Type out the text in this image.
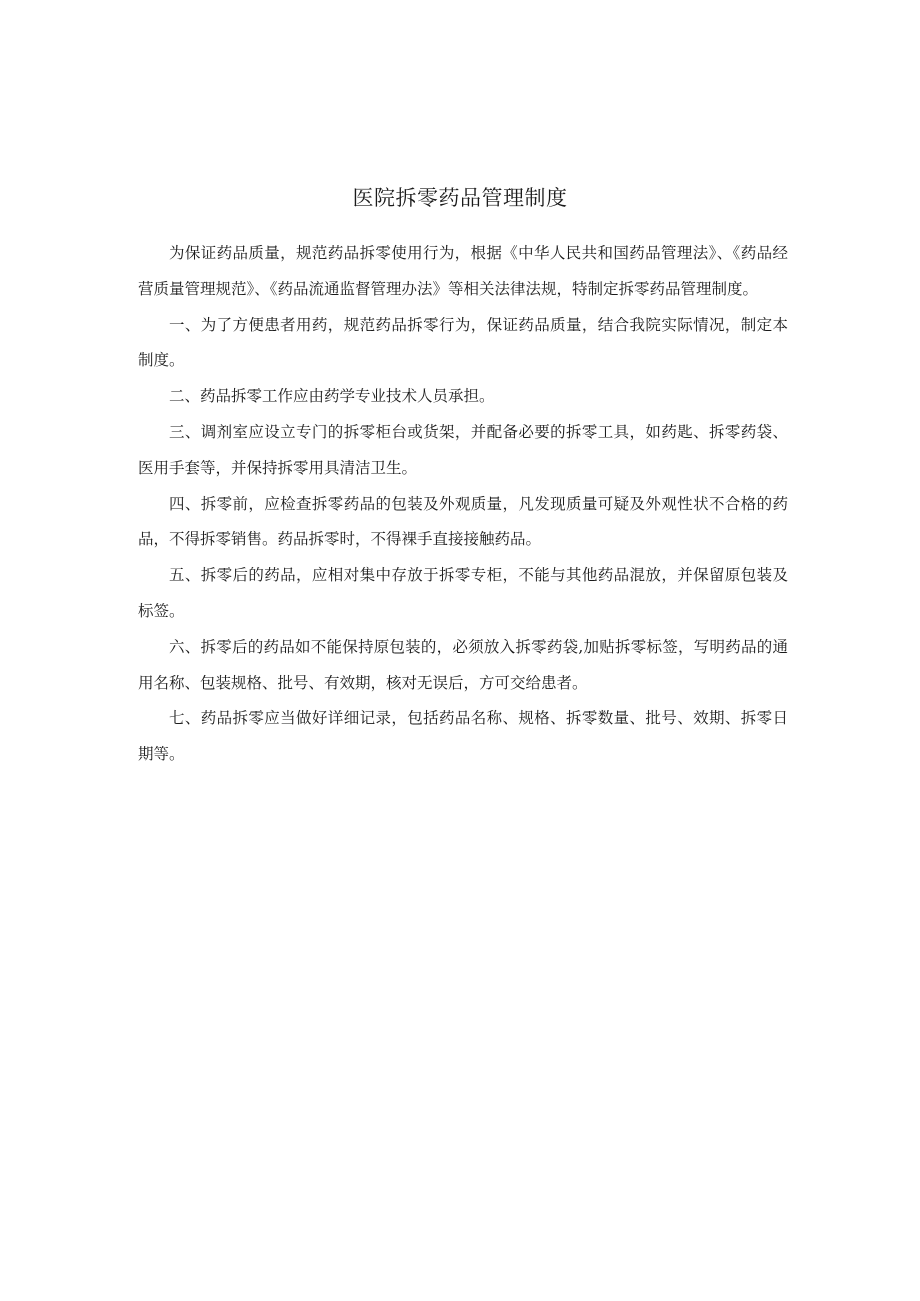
医院拆零药品管理制度

为保证药品质量，规范药品拆零使用行为，根据《中华人民共和国药品管理法》、《药品经营质量管理规范》、《药品流通监督管理办法》等相关法律法规，特制定拆零药品管理制度。

一、为了方便患者用药，规范药品拆零行为，保证药品质量，结合我院实际情况，制定本制度。

二、药品拆零工作应由药学专业技术人员承担。

三、调剂室应设立专门的拆零柜台或货架，并配备必要的拆零工具，如药匙、拆零药袋、医用手套等，并保持拆零用具清洁卫生。

四、拆零前，应检查拆零药品的包装及外观质量，凡发现质量可疑及外观性状不合格的药品，不得拆零销售。药品拆零时，不得裸手直接接触药品。

五、拆零后的药品，应相对集中存放于拆零专柜，不能与其他药品混放，并保留原包装及标签。

六、拆零后的药品如不能保持原包装的，必须放入拆零药袋,加贴拆零标签，写明药品的通用名称、包装规格、批号、有效期，核对无误后，方可交给患者。

七、药品拆零应当做好详细记录，包括药品名称、规格、拆零数量、批号、效期、拆零日期等。
